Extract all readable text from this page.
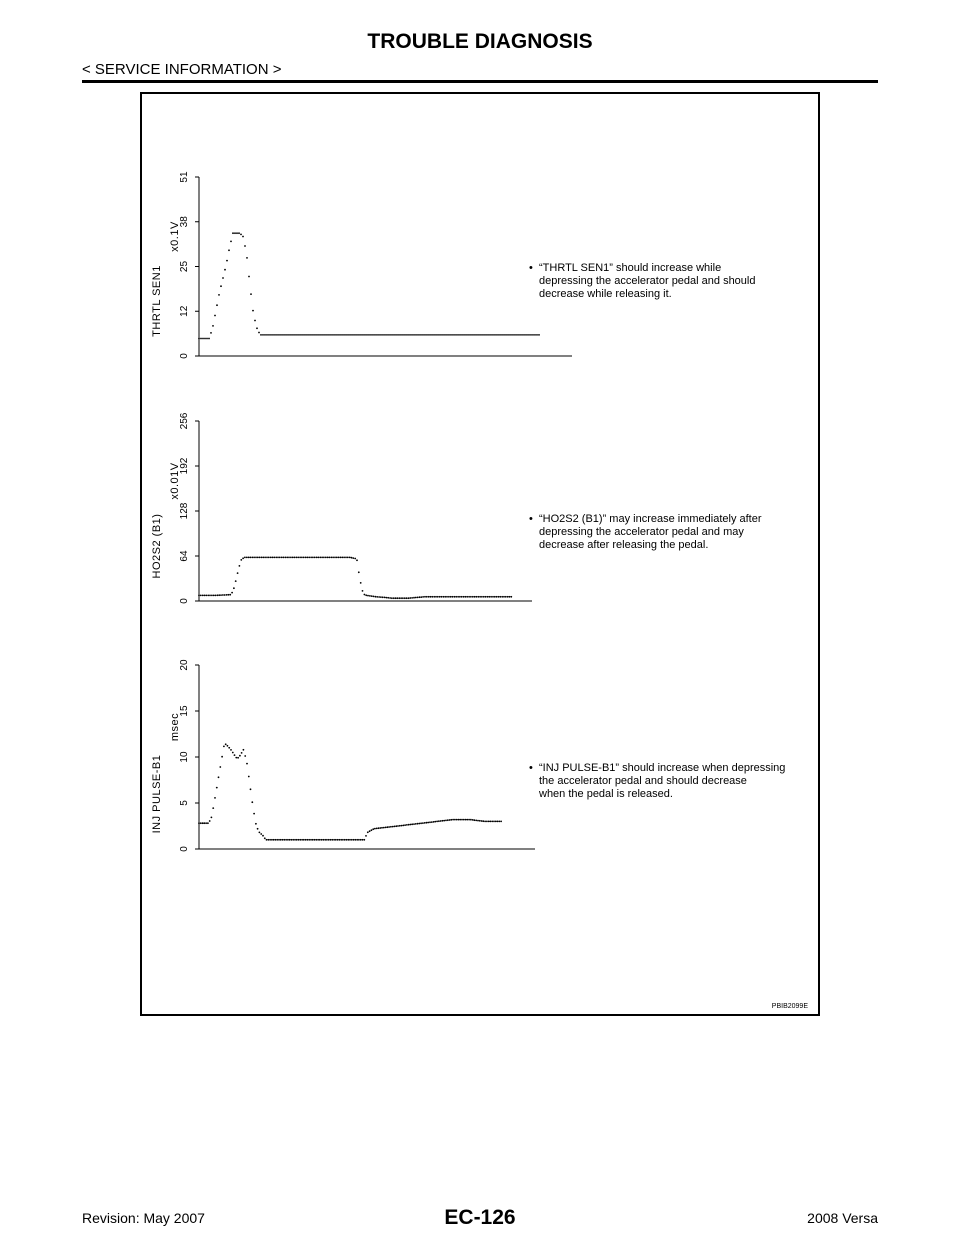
TROUBLE DIAGNOSIS
< SERVICE INFORMATION >
0
12
25
38
51
x0.1V
THRTL SEN1	• “THRTL SEN1” should increase while
depressing the accelerator pedal and should
decrease while releasing it.
0
64
128
192
256
x0.01V
HO2S2 (B1)	• “HO2S2 (B1)” may increase immediately after
depressing the accelerator pedal and may
decrease after releasing the pedal.
0
5
10
15
20
msec
INJ PULSE-B1	• “INJ PULSE-B1” should increase when depressing
the accelerator pedal and should decrease
when the pedal is released.
PBIB2099E
EC-126
Revision: May 2007	2008 Versa
